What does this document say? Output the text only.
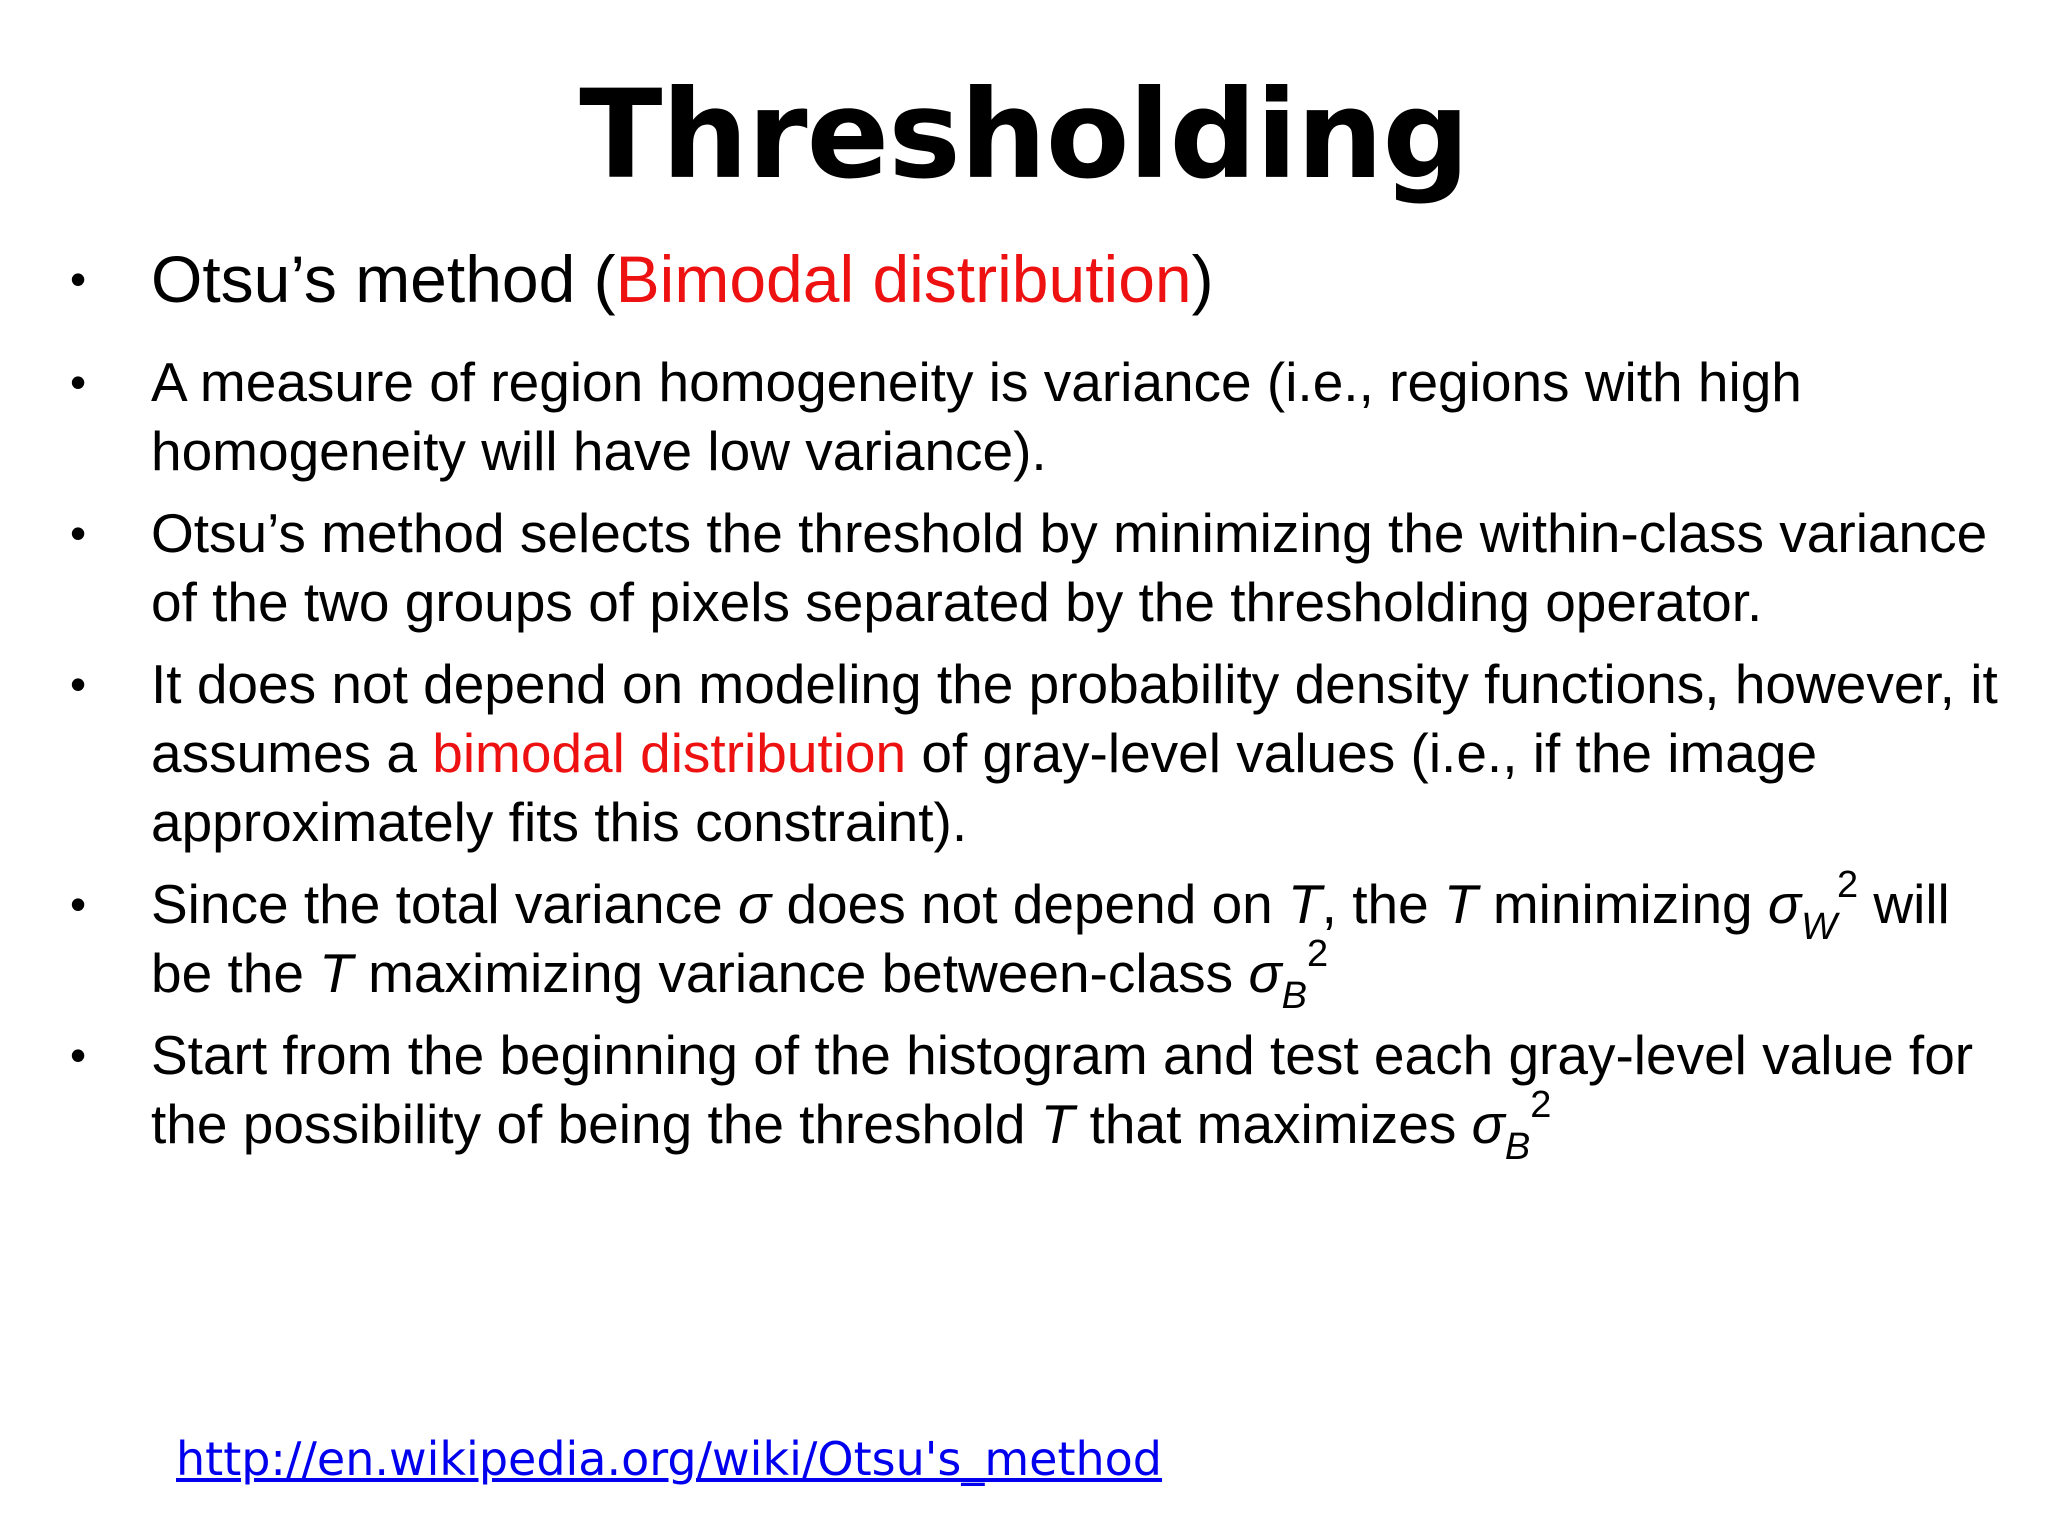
Thresholding
• Otsu’s method (Bimodal distribution)
•	A measure of region homogeneity is variance (i.e., regions with high homogeneity will have low variance).
•	Otsu’s method selects the threshold by minimizing the within-class variance of the two groups of pixels separated by the thresholding operator.
•	It does not depend on modeling the probability density functions, however, it assumes a bimodal distribution of gray-level values (i.e., if the image approximately fits this constraint).
•	Since the total variance σ does not depend on T, the T minimizing $\sigma_W^2$ will be the T maximizing variance between-class $\sigma_B^2$
•	Start from the beginning of the histogram and test each gray-level value for the possibility of being the threshold T that maximizes $\sigma_B^2$
http://en.wikipedia.org/wiki/Otsu's_method
